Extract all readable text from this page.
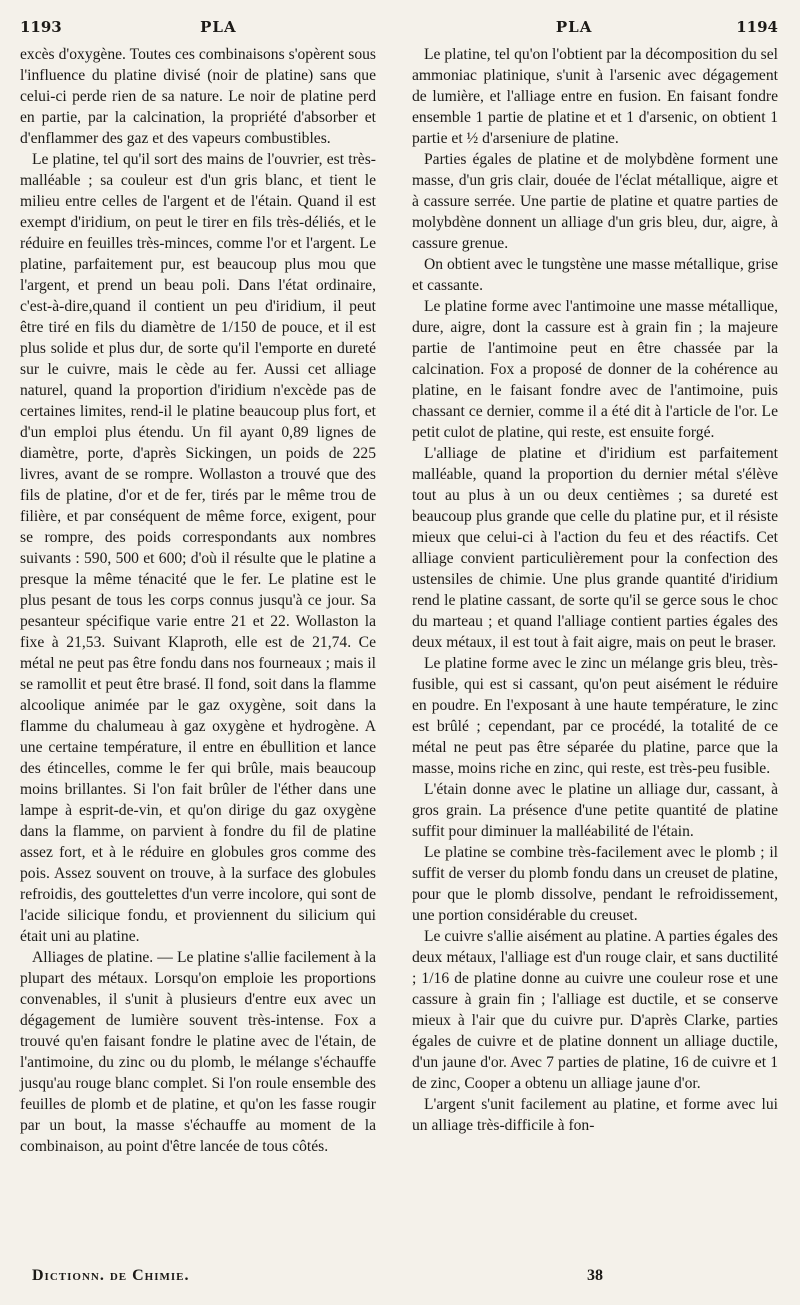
1193	PLA	PLA	1194

excès d'oxygène. Toutes ces combinaisons s'opèrent sous l'influence du platine divisé (noir de platine) sans que celui-ci perde rien de sa nature. Le noir de platine perd en partie, par la calcination, la propriété d'absorber et d'enflammer des gaz et des vapeurs combustibles.

Le platine, tel qu'il sort des mains de l'ouvrier, est très-malléable ; sa couleur est d'un gris blanc, et tient le milieu entre celles de l'argent et de l'étain. Quand il est exempt d'iridium, on peut le tirer en fils très-déliés, et le réduire en feuilles très-minces, comme l'or et l'argent. Le platine, parfaitement pur, est beaucoup plus mou que l'argent, et prend un beau poli. Dans l'état ordinaire, c'est-à-dire,quand il contient un peu d'iridium, il peut être tiré en fils du diamètre de 1/150 de pouce, et il est plus solide et plus dur, de sorte qu'il l'emporte en dureté sur le cuivre, mais le cède au fer. Aussi cet alliage naturel, quand la proportion d'iridium n'excède pas de certaines limites, rend-il le platine beaucoup plus fort, et d'un emploi plus étendu. Un fil ayant 0,89 lignes de diamètre, porte, d'après Sickingen, un poids de 225 livres, avant de se rompre. Wollaston a trouvé que des fils de platine, d'or et de fer, tirés par le même trou de filière, et par conséquent de même force, exigent, pour se rompre, des poids correspondants aux nombres suivants : 590, 500 et 600; d'où il résulte que le platine a presque la même ténacité que le fer. Le platine est le plus pesant de tous les corps connus jusqu'à ce jour. Sa pesanteur spécifique varie entre 21 et 22. Wollaston la fixe à 21,53. Suivant Klaproth, elle est de 21,74. Ce métal ne peut pas être fondu dans nos fourneaux ; mais il se ramollit et peut être brasé. Il fond, soit dans la flamme alcoolique animée par le gaz oxygène, soit dans la flamme du chalumeau à gaz oxygène et hydrogène. A une certaine température, il entre en ébullition et lance des étincelles, comme le fer qui brûle, mais beaucoup moins brillantes. Si l'on fait brûler de l'éther dans une lampe à esprit-de-vin, et qu'on dirige du gaz oxygène dans la flamme, on parvient à fondre du fil de platine assez fort, et à le réduire en globules gros comme des pois. Assez souvent on trouve, à la surface des globules refroidis, des gouttelettes d'un verre incolore, qui sont de l'acide silicique fondu, et proviennent du silicium qui était uni au platine.

Alliages de platine. — Le platine s'allie facilement à la plupart des métaux. Lorsqu'on emploie les proportions convenables, il s'unit à plusieurs d'entre eux avec un dégagement de lumière souvent très-intense. Fox a trouvé qu'en faisant fondre le platine avec de l'étain, de l'antimoine, du zinc ou du plomb, le mélange s'échauffe jusqu'au rouge blanc complet. Si l'on roule ensemble des feuilles de plomb et de platine, et qu'on les fasse rougir par un bout, la masse s'échauffe au moment de la combinaison, au point d'être lancée de tous côtés.

Le platine, tel qu'on l'obtient par la décomposition du sel ammoniac platinique, s'unit à l'arsenic avec dégagement de lumière, et l'alliage entre en fusion. En faisant fondre ensemble 1 partie de platine et et 1 d'arsenic, on obtient 1 partie et ½ d'arseniure de platine.

Parties égales de platine et de molybdène forment une masse, d'un gris clair, douée de l'éclat métallique, aigre et à cassure serrée. Une partie de platine et quatre parties de molybdène donnent un alliage d'un gris bleu, dur, aigre, à cassure grenue.

On obtient avec le tungstène une masse métallique, grise et cassante.

Le platine forme avec l'antimoine une masse métallique, dure, aigre, dont la cassure est à grain fin ; la majeure partie de l'antimoine peut en être chassée par la calcination. Fox a proposé de donner de la cohérence au platine, en le faisant fondre avec de l'antimoine, puis chassant ce dernier, comme il a été dit à l'article de l'or. Le petit culot de platine, qui reste, est ensuite forgé.

L'alliage de platine et d'iridium est parfaitement malléable, quand la proportion du dernier métal s'élève tout au plus à un ou deux centièmes ; sa dureté est beaucoup plus grande que celle du platine pur, et il résiste mieux que celui-ci à l'action du feu et des réactifs. Cet alliage convient particulièrement pour la confection des ustensiles de chimie. Une plus grande quantité d'iridium rend le platine cassant, de sorte qu'il se gerce sous le choc du marteau ; et quand l'alliage contient parties égales des deux métaux, il est tout à fait aigre, mais on peut le braser.

Le platine forme avec le zinc un mélange gris bleu, très-fusible, qui est si cassant, qu'on peut aisément le réduire en poudre. En l'exposant à une haute température, le zinc est brûlé ; cependant, par ce procédé, la totalité de ce métal ne peut pas être séparée du platine, parce que la masse, moins riche en zinc, qui reste, est très-peu fusible.

L'étain donne avec le platine un alliage dur, cassant, à gros grain. La présence d'une petite quantité de platine suffit pour diminuer la malléabilité de l'étain.

Le platine se combine très-facilement avec le plomb ; il suffit de verser du plomb fondu dans un creuset de platine, pour que le plomb dissolve, pendant le refroidissement, une portion considérable du creuset.

Le cuivre s'allie aisément au platine. A parties égales des deux métaux, l'alliage est d'un rouge clair, et sans ductilité ; 1/16 de platine donne au cuivre une couleur rose et une cassure à grain fin ; l'alliage est ductile, et se conserve mieux à l'air que du cuivre pur. D'après Clarke, parties égales de cuivre et de platine donnent un alliage ductile, d'un jaune d'or. Avec 7 parties de platine, 16 de cuivre et 1 de zinc, Cooper a obtenu un alliage jaune d'or.

L'argent s'unit facilement au platine, et forme avec lui un alliage très-difficile à fon-

Dictionn. de Chimie.	38
